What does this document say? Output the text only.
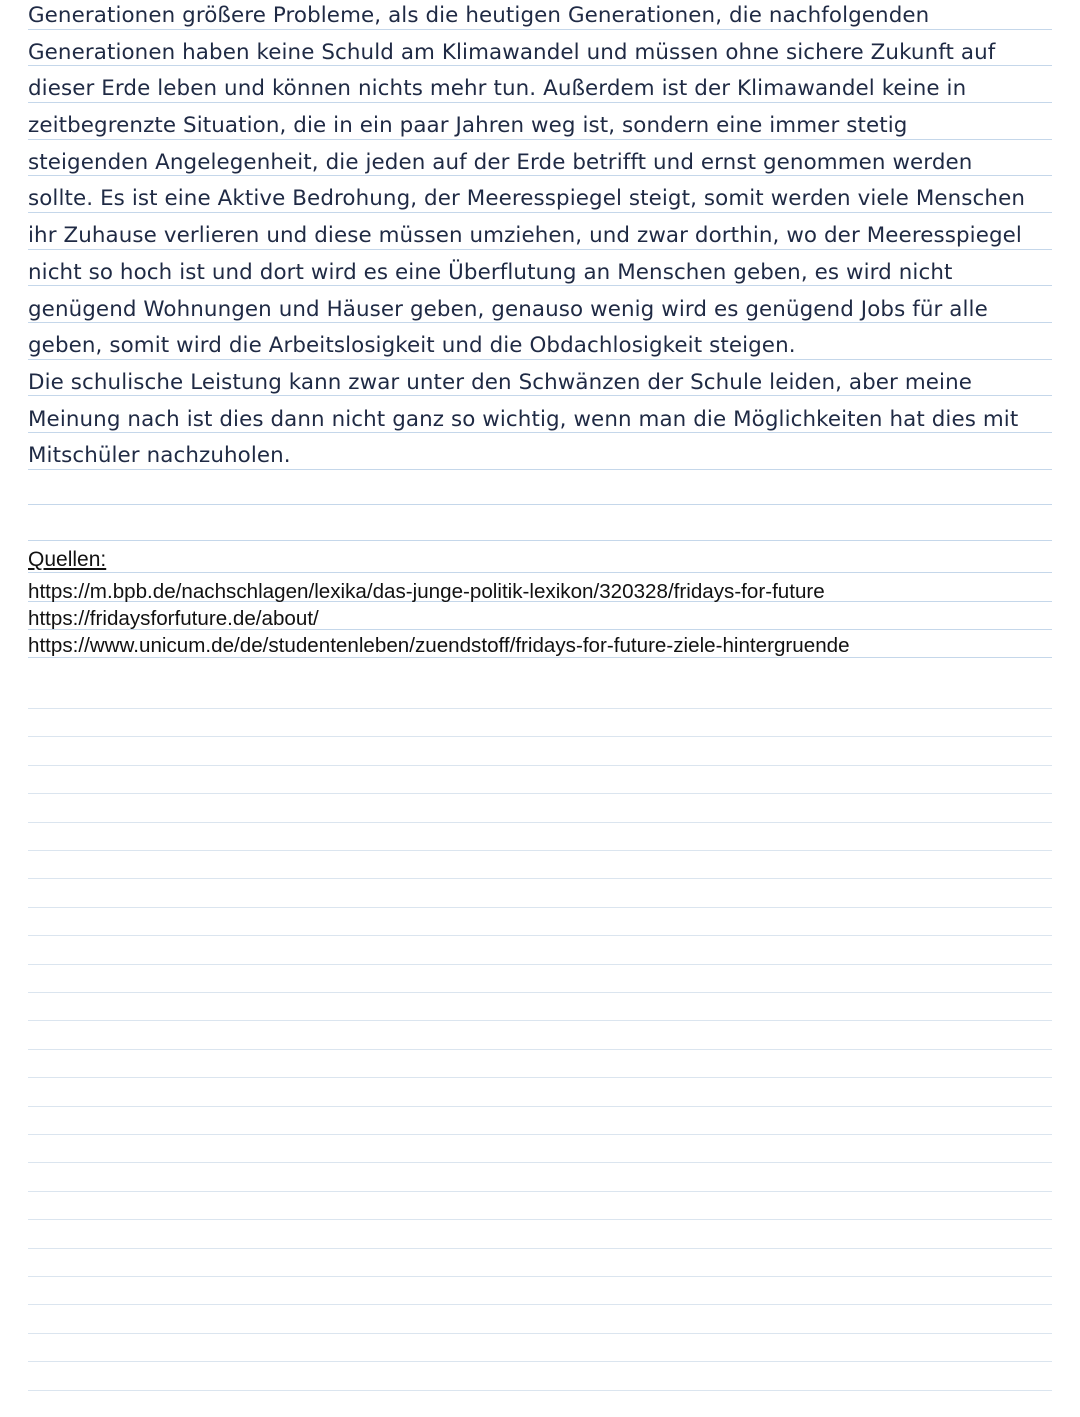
Generationen größere Probleme, als die heutigen Generationen, die nachfolgenden
Generationen haben keine Schuld am Klimawandel und müssen ohne sichere Zukunft auf
dieser Erde leben und können nichts mehr tun. Außerdem ist der Klimawandel keine in
zeitbegrenzte Situation, die in ein paar Jahren weg ist, sondern eine immer stetig
steigenden Angelegenheit, die jeden auf der Erde betrifft und ernst genommen werden
sollte. Es ist eine Aktive Bedrohung, der Meeresspiegel steigt, somit werden viele Menschen
ihr Zuhause verlieren und diese müssen umziehen, und zwar dorthin, wo der Meeresspiegel
nicht so hoch ist und dort wird es eine Überflutung an Menschen geben, es wird nicht
genügend Wohnungen und Häuser geben, genauso wenig wird es genügend Jobs für alle
geben, somit wird die Arbeitslosigkeit und die Obdachlosigkeit steigen.
Die schulische Leistung kann zwar unter den Schwänzen der Schule leiden, aber meine
Meinung nach ist dies dann nicht ganz so wichtig, wenn man die Möglichkeiten hat dies mit
Mitschüler nachzuholen.
Quellen:
https://m.bpb.de/nachschlagen/lexika/das-junge-politik-lexikon/320328/fridays-for-future
https://fridaysforfuture.de/about/
https://www.unicum.de/de/studentenleben/zuendstoff/fridays-for-future-ziele-hintergruende
